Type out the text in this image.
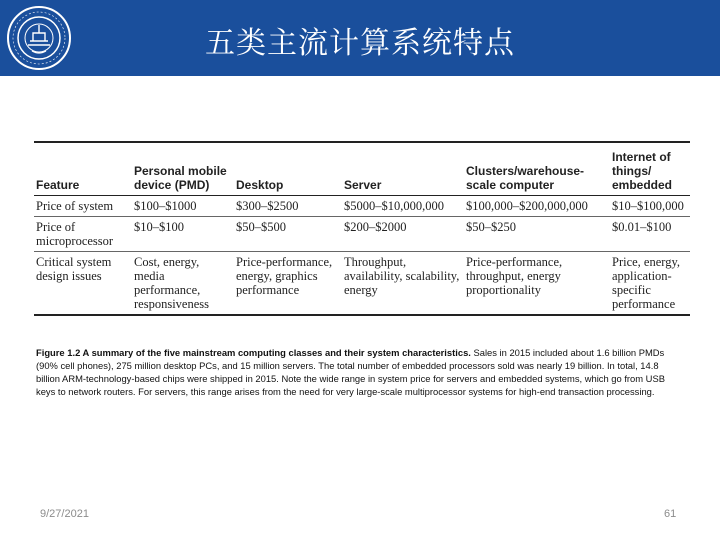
五类主流计算系统特点
Feature	Personal mobile device (PMD)	Desktop	Server	Clusters/warehouse-scale computer	Internet of things/ embedded
Price of system	$100–$1000	$300–$2500	$5000–$10,000,000	$100,000–$200,000,000	$10–$100,000
Price of microprocessor	$10–$100	$50–$500	$200–$2000	$50–$250	$0.01–$100
Critical system design issues	Cost, energy, media performance, responsiveness	Price-performance, energy, graphics performance	Throughput, availability, scalability, energy	Price-performance, throughput, energy proportionality	Price, energy, application-specific performance
Figure 1.2 A summary of the five mainstream computing classes and their system characteristics. Sales in 2015 included about 1.6 billion PMDs (90% cell phones), 275 million desktop PCs, and 15 million servers. The total number of embedded processors sold was nearly 19 billion. In total, 14.8 billion ARM-technology-based chips were shipped in 2015. Note the wide range in system price for servers and embedded systems, which go from USB keys to network routers. For servers, this range arises from the need for very large-scale multiprocessor systems for high-end transaction processing.
9/27/2021	61
